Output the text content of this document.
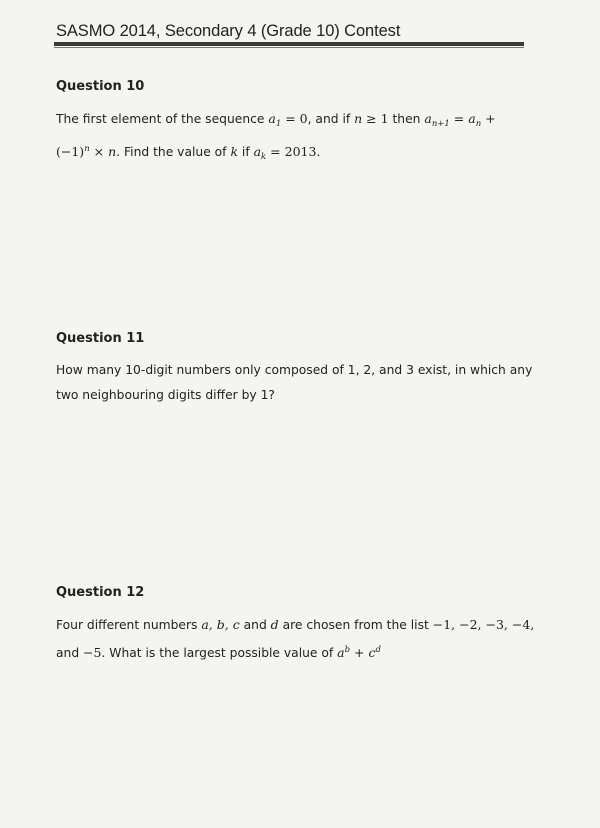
SASMO 2014, Secondary 4 (Grade 10) Contest
Question 10
The first element of the sequence $a_1 = 0$, and if n ≥ 1 then $a_{n+1} = a_n$ +
$(-1)^n \times n$. Find the value of k if $a_k = 2013$.
Question 11
How many 10-digit numbers only composed of 1, 2, and 3 exist, in which any
two neighbouring digits differ by 1?
Question 12
Four different numbers a, b, c and d are chosen from the list −1, −2, −3, −4,
and −5. What is the largest possible value of $a^b + c^d$
